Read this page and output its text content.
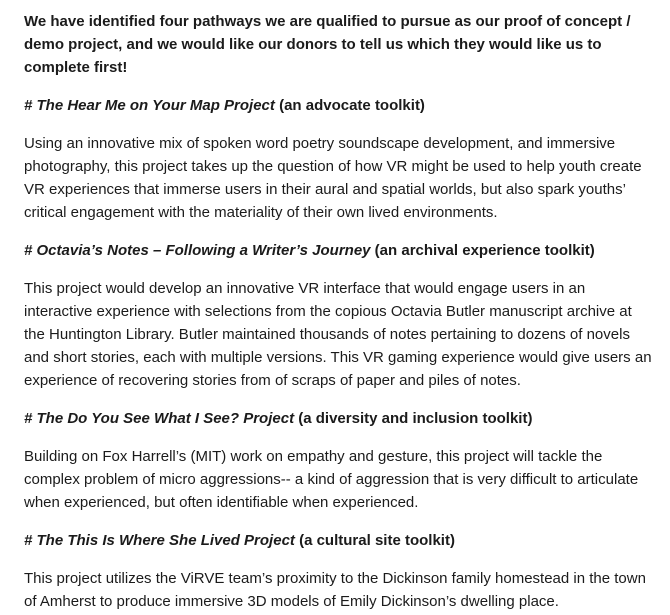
We have identified four pathways we are qualified to pursue as our proof of concept / demo project, and we would like our donors to tell us which they would like us to complete first!

# The Hear Me on Your Map Project (an advocate toolkit)

Using an innovative mix of spoken word poetry soundscape development, and immersive photography, this project takes up the question of how VR might be used to help youth create VR experiences that immerse users in their aural and spatial worlds, but also spark youths’ critical engagement with the materiality of their own lived environments.

# Octavia’s Notes – Following a Writer’s Journey (an archival experience toolkit)

This project would develop an innovative VR interface that would engage users in an interactive experience with selections from the copious Octavia Butler manuscript archive at the Huntington Library. Butler maintained thousands of notes pertaining to dozens of novels and short stories, each with multiple versions. This VR gaming experience would give users an experience of recovering stories from of scraps of paper and piles of notes.

# The Do You See What I See? Project (a diversity and inclusion toolkit)

Building on Fox Harrell’s (MIT) work on empathy and gesture, this project will tackle the complex problem of micro aggressions-- a kind of aggression that is very difficult to articulate when experienced, but often identifiable when experienced.

# The This Is Where She Lived Project (a cultural site toolkit)

This project utilizes the ViRVE team’s proximity to the Dickinson family homestead in the town of Amherst to produce immersive 3D models of Emily Dickinson’s dwelling place.
